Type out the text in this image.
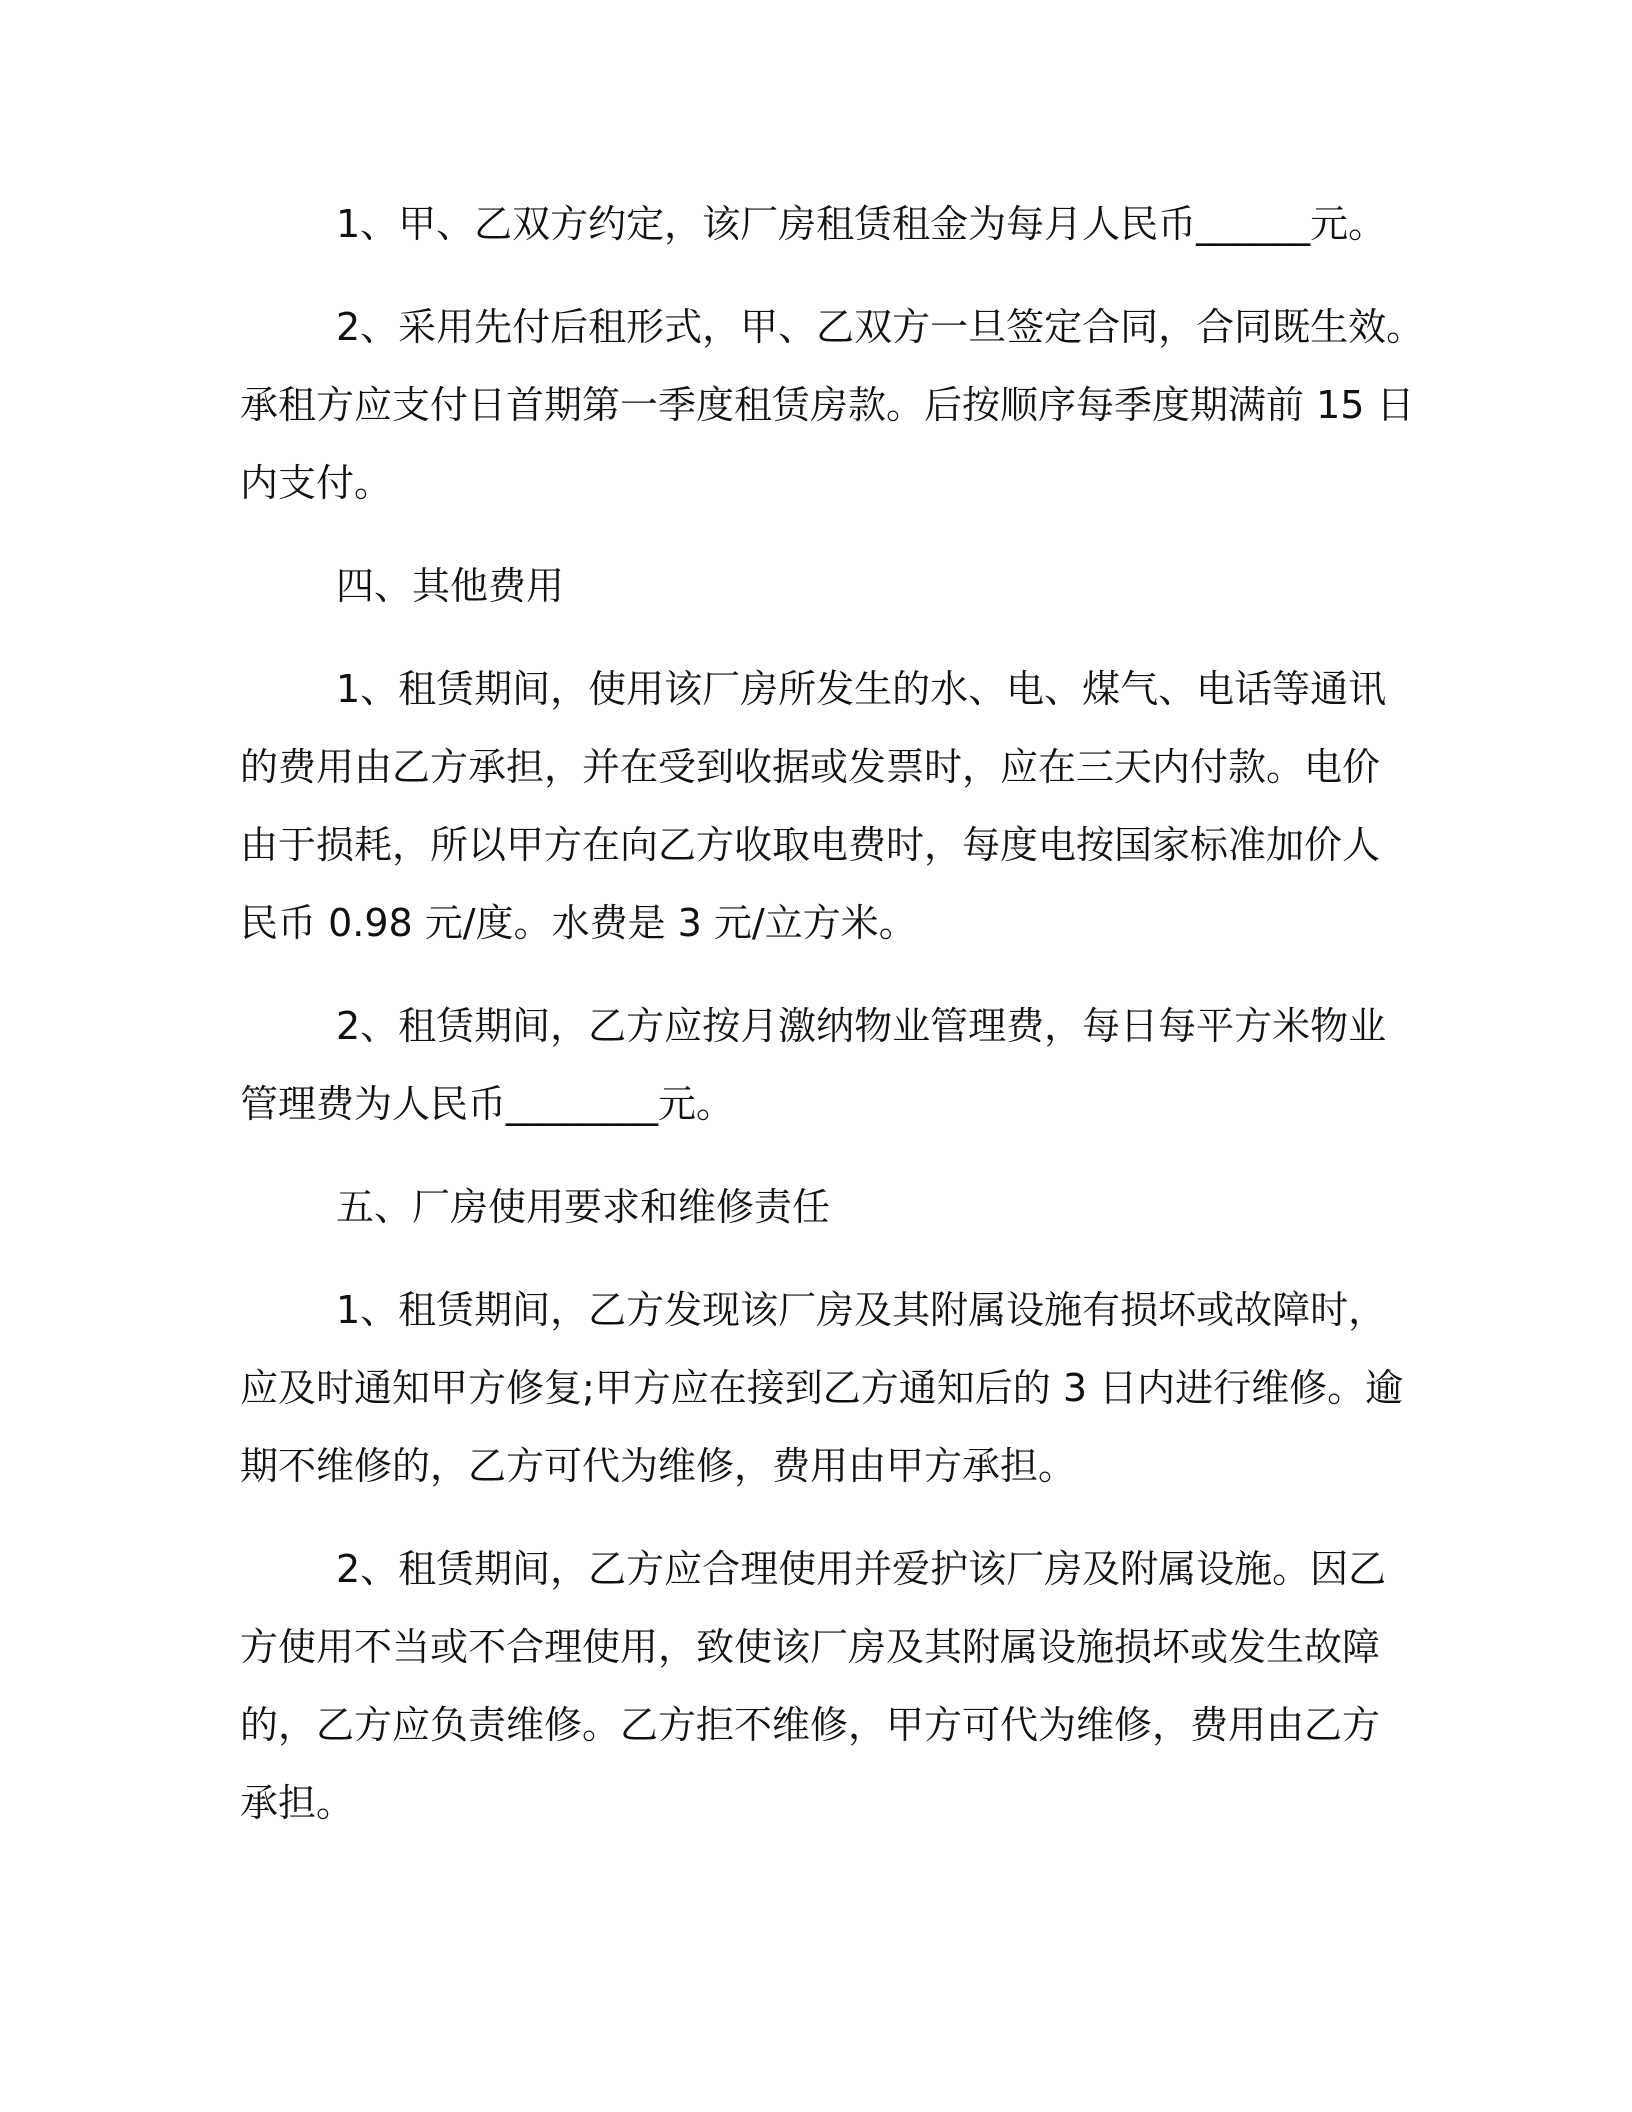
1、甲、乙双方约定，该厂房租赁租金为每月人民币______元。

2、采用先付后租形式，甲、乙双方一旦签定合同，合同既生效。
承租方应支付日首期第一季度租赁房款。后按顺序每季度期满前 15 日
内支付。

四、其他费用

1、租赁期间，使用该厂房所发生的水、电、煤气、电话等通讯
的费用由乙方承担，并在受到收据或发票时，应在三天内付款。电价
由于损耗，所以甲方在向乙方收取电费时，每度电按国家标准加价人
民币 0.98 元/度。水费是 3 元/立方米。

2、租赁期间，乙方应按月激纳物业管理费，每日每平方米物业
管理费为人民币________元。

五、厂房使用要求和维修责任

1、租赁期间，乙方发现该厂房及其附属设施有损坏或故障时，
应及时通知甲方修复;甲方应在接到乙方通知后的 3 日内进行维修。逾
期不维修的，乙方可代为维修，费用由甲方承担。

2、租赁期间，乙方应合理使用并爱护该厂房及附属设施。因乙
方使用不当或不合理使用，致使该厂房及其附属设施损坏或发生故障
的，乙方应负责维修。乙方拒不维修，甲方可代为维修，费用由乙方
承担。
